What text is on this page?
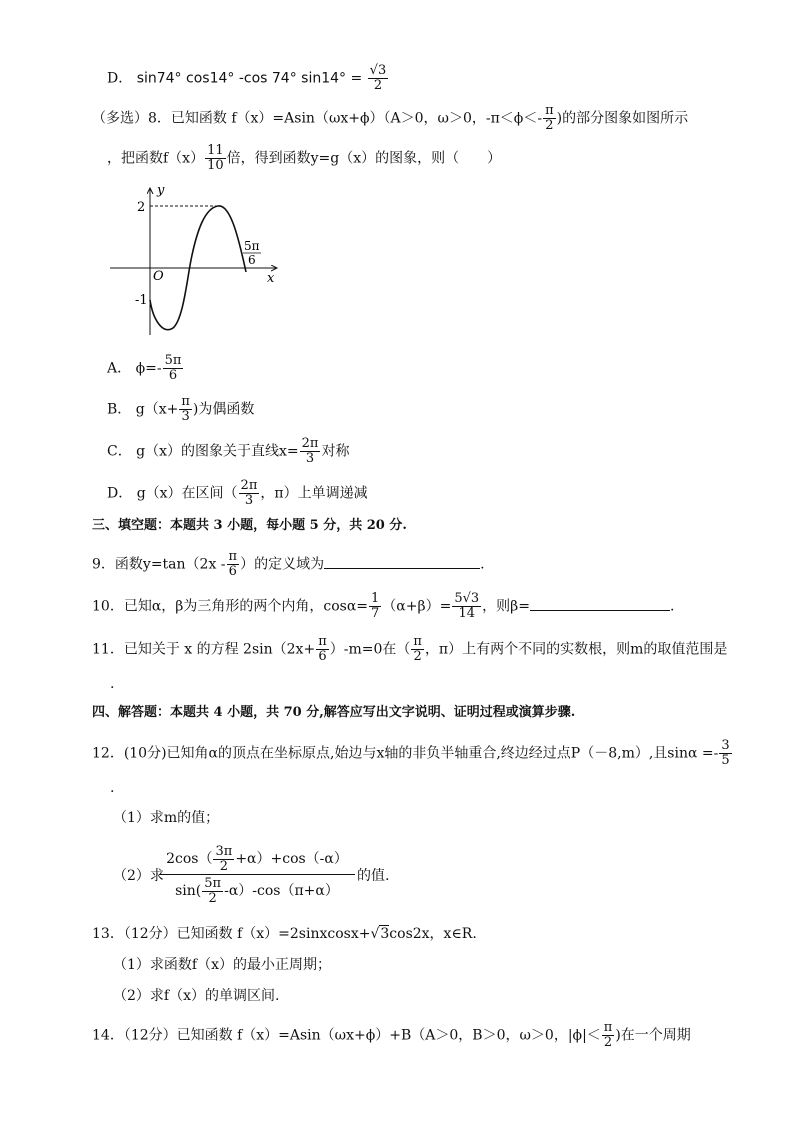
D． sin74° cos14° -cos 74° $\sin 14^\circ = \frac{√3}{2}$
（多选）8．已知函数 f（x）=Asin（ωx+ϕ）（A＞0，ω＞0，$-\pi<\phi<- \frac{\pi}{2}$ )的部分图象如图所示
，把函数$f(x) \frac{11}{10}$ 倍，得到函数y=g（x）的图象，则（　　）
y
x
O
2
-1
5π
6
A． $\phi=- \frac{5\pi}{6}$
B． $g(x+ \frac{\pi}{3}$ )为偶函数
C． g（x）的图象关于直线$x= \frac{2\pi}{3}$ 对称
D． g（x）在区间（ $\frac{2\pi}{3}$ ，π）上单调递减
三、填空题：本题共 3 小题，每小题 5 分，共 20 分.
9．函数$y=\tan(2x - \frac{\pi}{6}$ ）的定义域为	.
10．已知α，β为三角形的两个内角，$\cos\alpha= \frac{1}{7} (\alpha+\beta)= \frac{5√3}{14}$ ，则β=	.
11．已知关于 x 的方程 $2\sin(2x+ \frac{\pi}{6} )-m=0$在（ $\frac{\pi}{2}$ ，π）上有两个不同的实数根，则m的取值范围是
.
四、解答题：本题共 4 小题，共 70 分,解答应写出文字说明、证明过程或演算步骤.
12．(10分)已知角α的顶点在坐标原点,始边与x轴的非负半轴重合,终边经过点P（－8,m）,且$\sin\alpha =- \frac{3}{5}$
.
（1）求m的值；
（2）求
$\frac{2\cos( \frac{3\pi}{2} +\alpha)+\cos(-\alpha)}{\sin( \frac{5\pi}{2} -\alpha)-\cos(\pi+\alpha)}$ 的值.
13．（12分）已知函数 f（x）=2sinxcosx+√3cos2x，x∈R.
（1）求函数f（x）的最小正周期；
（2）求f（x）的单调区间.
14．（12分）已知函数 f（x）=Asin（ωx+ϕ）+B（A＞0，B＞0，ω＞0，$|\phi|< \frac{\pi}{2}$ )在一个周期
